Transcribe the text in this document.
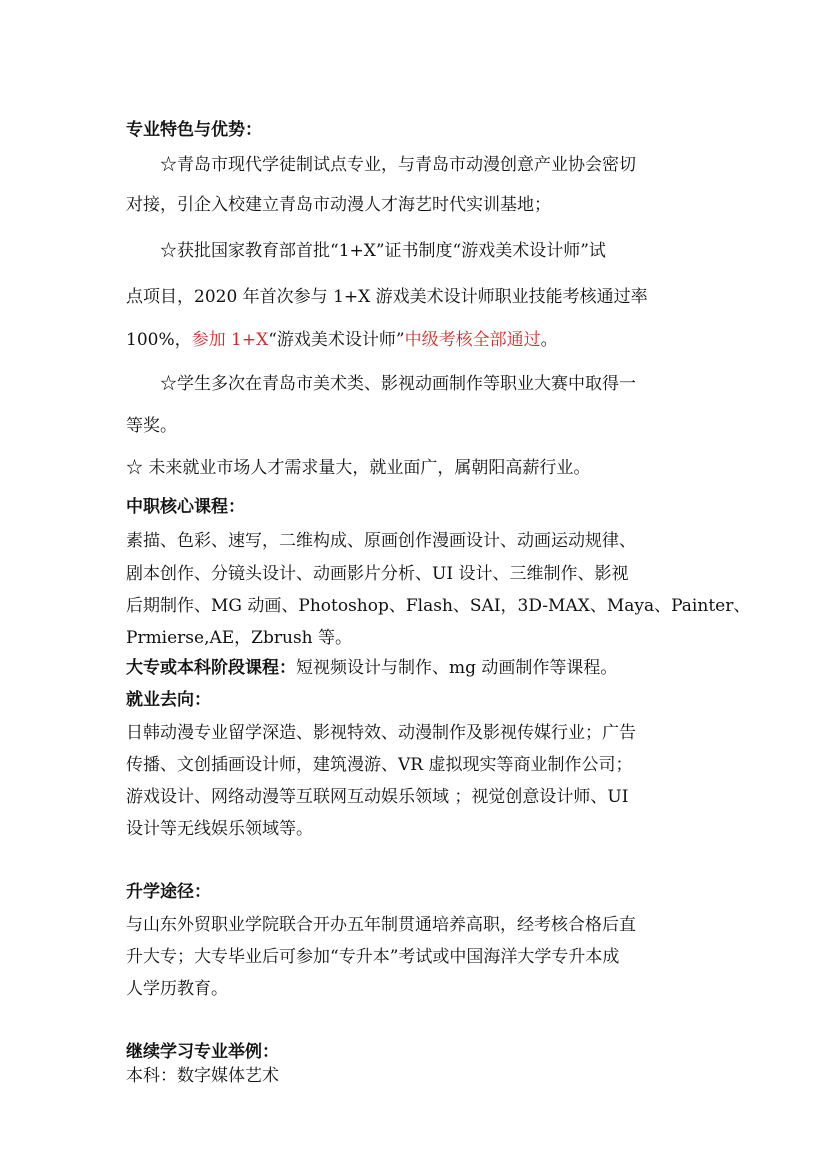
专业特色与优势：
☆青岛市现代学徒制试点专业，与青岛市动漫创意产业协会密切
对接，引企入校建立青岛市动漫人才海艺时代实训基地；
☆获批国家教育部首批“1+X”证书制度“游戏美术设计师”试
点项目，2020 年首次参与 1+X 游戏美术设计师职业技能考核通过率
100%，参加 1+X“游戏美术设计师”中级考核全部通过。
☆学生多次在青岛市美术类、影视动画制作等职业大赛中取得一
等奖。
☆ 未来就业市场人才需求量大，就业面广，属朝阳高薪行业。
中职核心课程：
素描、色彩、速写，二维构成、原画创作漫画设计、动画运动规律、
剧本创作、分镜头设计、动画影片分析、UI 设计、三维制作、影视
后期制作、MG 动画、Photoshop、Flash、SAI，3D-MAX、Maya、Painter、
Prmierse,AE，Zbrush 等。
大专或本科阶段课程：短视频设计与制作、mg 动画制作等课程。
就业去向：
日韩动漫专业留学深造、影视特效、动漫制作及影视传媒行业；广告
传播、文创插画设计师，建筑漫游、VR 虚拟现实等商业制作公司；
游戏设计、网络动漫等互联网互动娱乐领域 ；视觉创意设计师、UI
设计等无线娱乐领域等。
升学途径：
与山东外贸职业学院联合开办五年制贯通培养高职，经考核合格后直
升大专；大专毕业后可参加“专升本”考试或中国海洋大学专升本成
人学历教育。
继续学习专业举例：
本科：数字媒体艺术
